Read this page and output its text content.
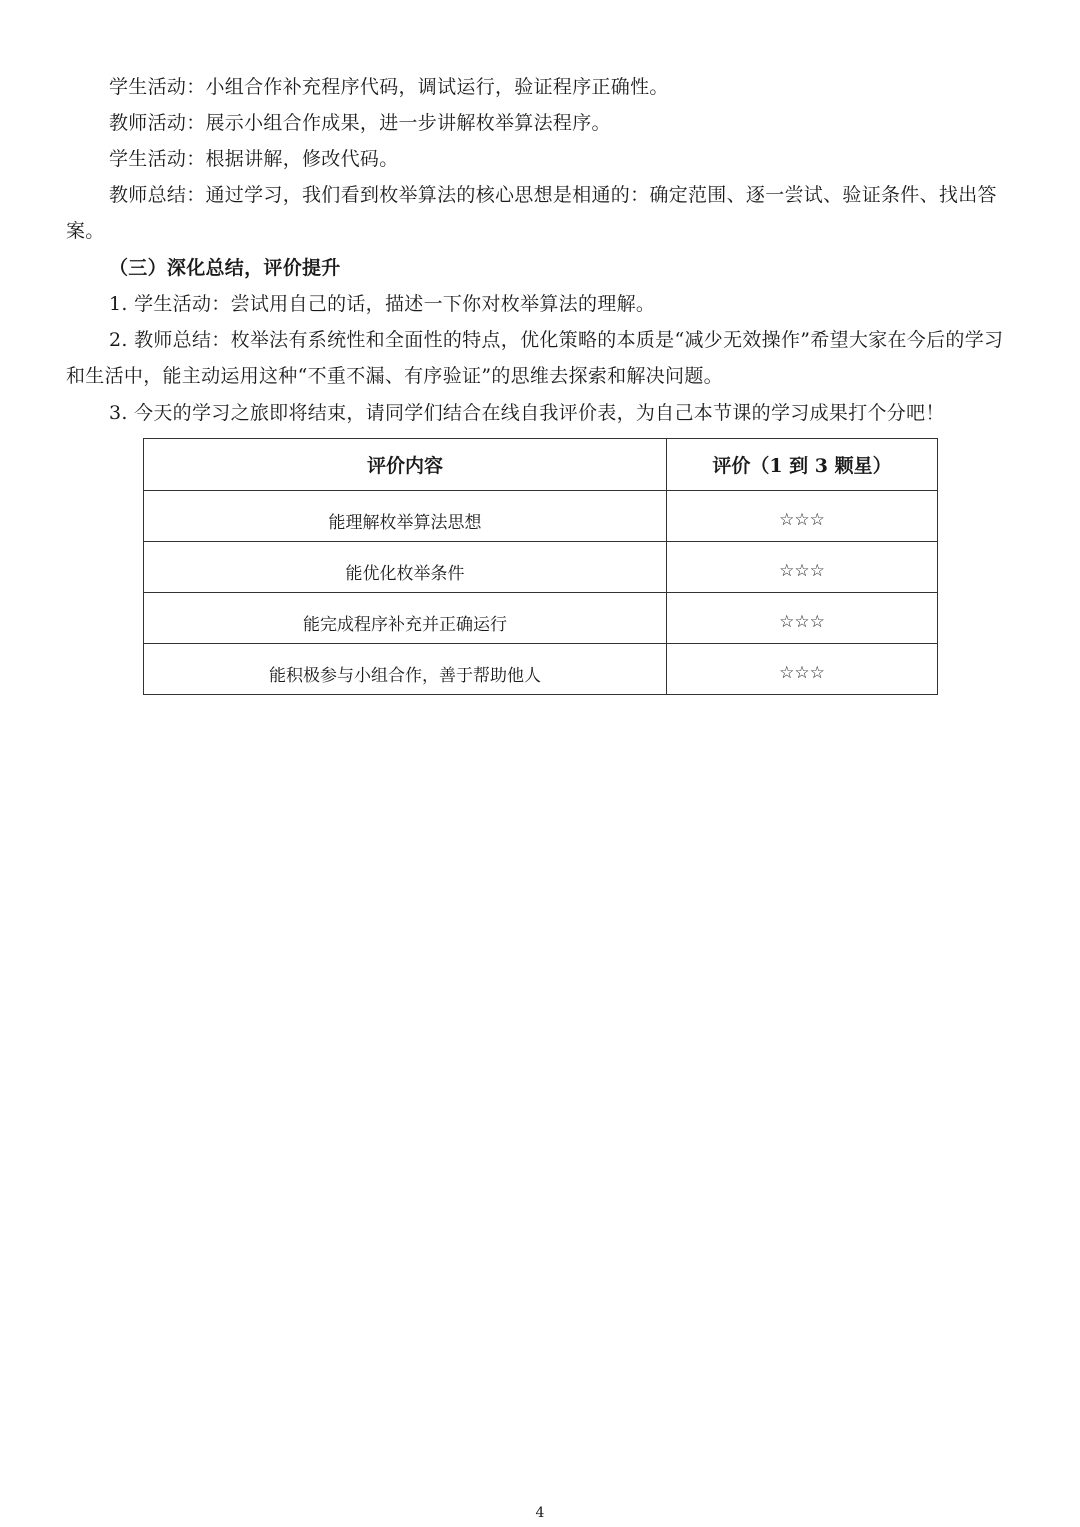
学生活动：小组合作补充程序代码，调试运行，验证程序正确性。

教师活动：展示小组合作成果，进一步讲解枚举算法程序。

学生活动：根据讲解，修改代码。

教师总结：通过学习，我们看到枚举算法的核心思想是相通的：确定范围、逐一尝试、验证条件、找出答案。

（三）深化总结，评价提升

1. 学生活动：尝试用自己的话，描述一下你对枚举算法的理解。

2. 教师总结：枚举法有系统性和全面性的特点，优化策略的本质是“减少无效操作”希望大家在今后的学习和生活中，能主动运用这种“不重不漏、有序验证”的思维去探索和解决问题。

3. 今天的学习之旅即将结束，请同学们结合在线自我评价表，为自己本节课的学习成果打个分吧！

评价内容	评价（1 到 3 颗星）
能理解枚举算法思想	☆☆☆
能优化枚举条件	☆☆☆
能完成程序补充并正确运行	☆☆☆
能积极参与小组合作，善于帮助他人	☆☆☆
4
